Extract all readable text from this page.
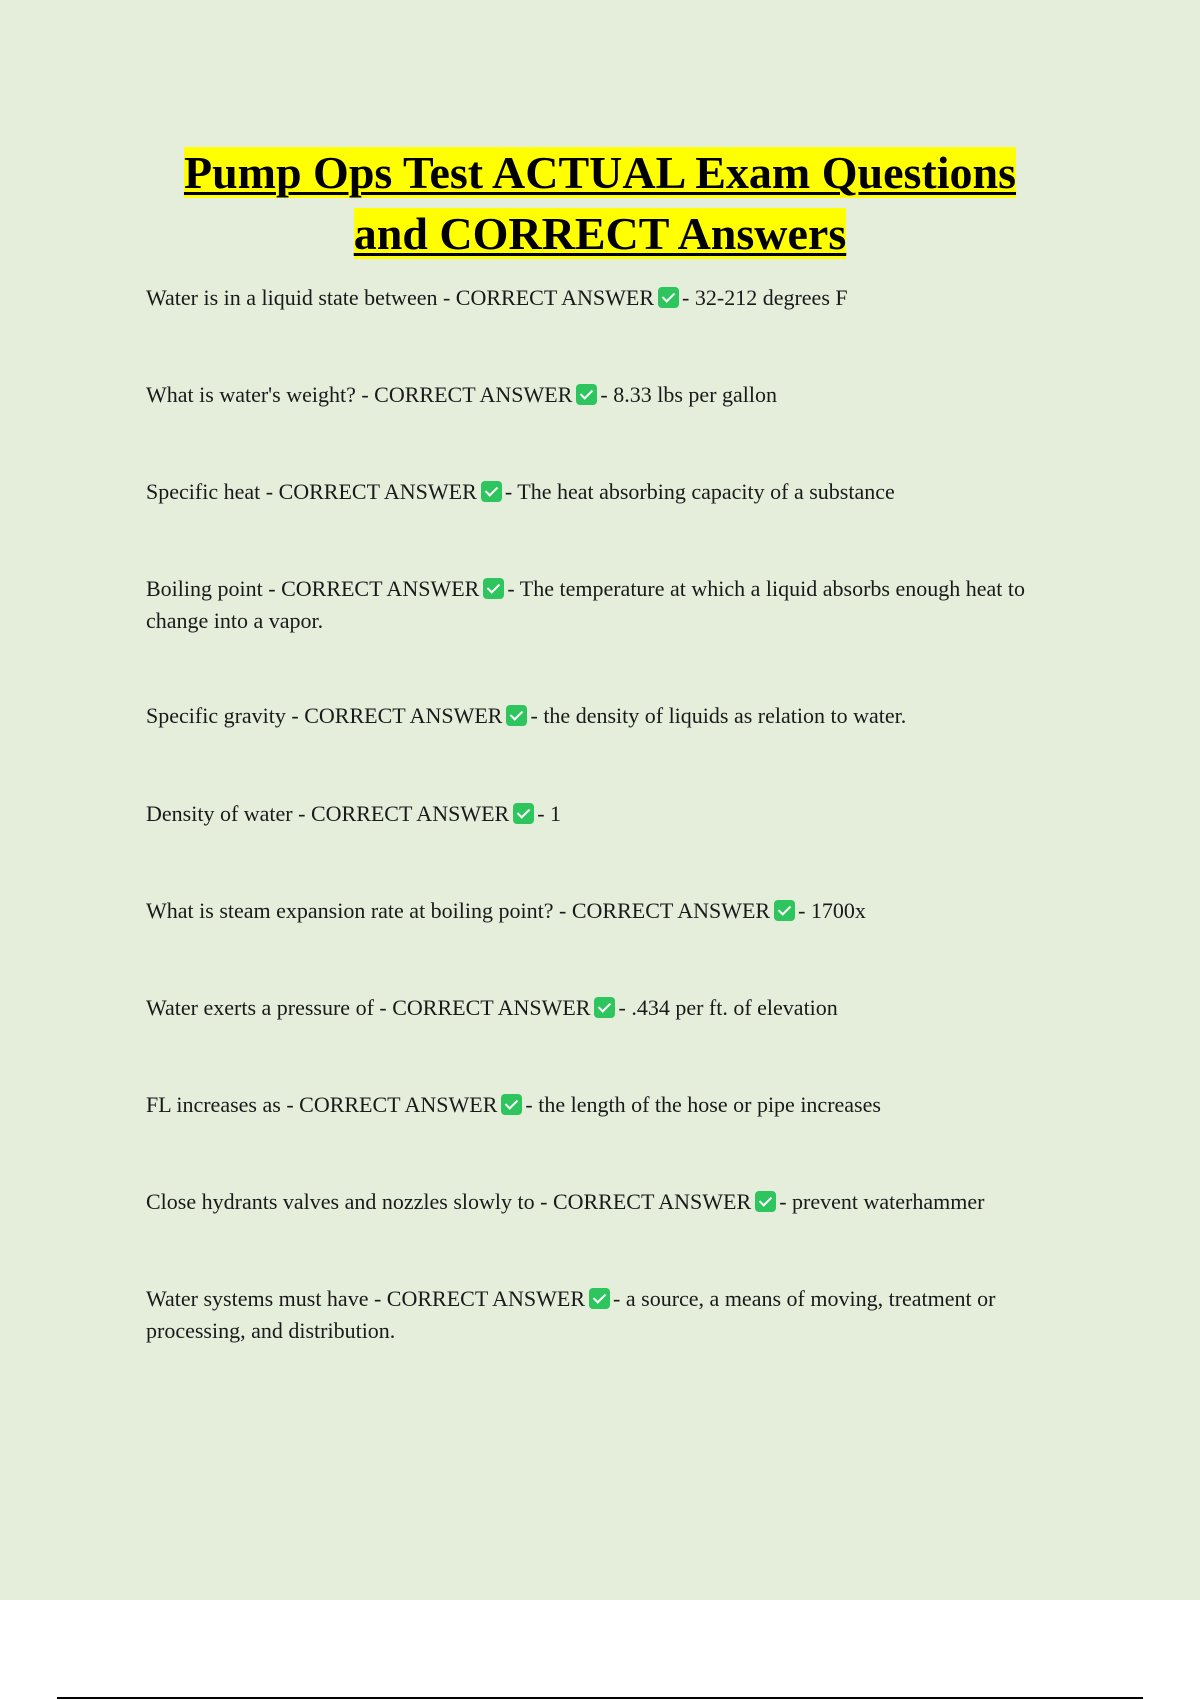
Pump Ops Test ACTUAL Exam Questions
and CORRECT Answers
Water is in a liquid state between - CORRECT ANSWER - 32-212 degrees F
What is water's weight? - CORRECT ANSWER - 8.33 lbs per gallon
Specific heat - CORRECT ANSWER - The heat absorbing capacity of a substance
Boiling point - CORRECT ANSWER - The temperature at which a liquid absorbs enough heat to change into a vapor.
Specific gravity - CORRECT ANSWER - the density of liquids as relation to water.
Density of water - CORRECT ANSWER - 1
What is steam expansion rate at boiling point? - CORRECT ANSWER - 1700x
Water exerts a pressure of - CORRECT ANSWER - .434 per ft. of elevation
FL increases as - CORRECT ANSWER - the length of the hose or pipe increases
Close hydrants valves and nozzles slowly to - CORRECT ANSWER - prevent waterhammer
Water systems must have - CORRECT ANSWER - a source, a means of moving, treatment or processing, and distribution.
